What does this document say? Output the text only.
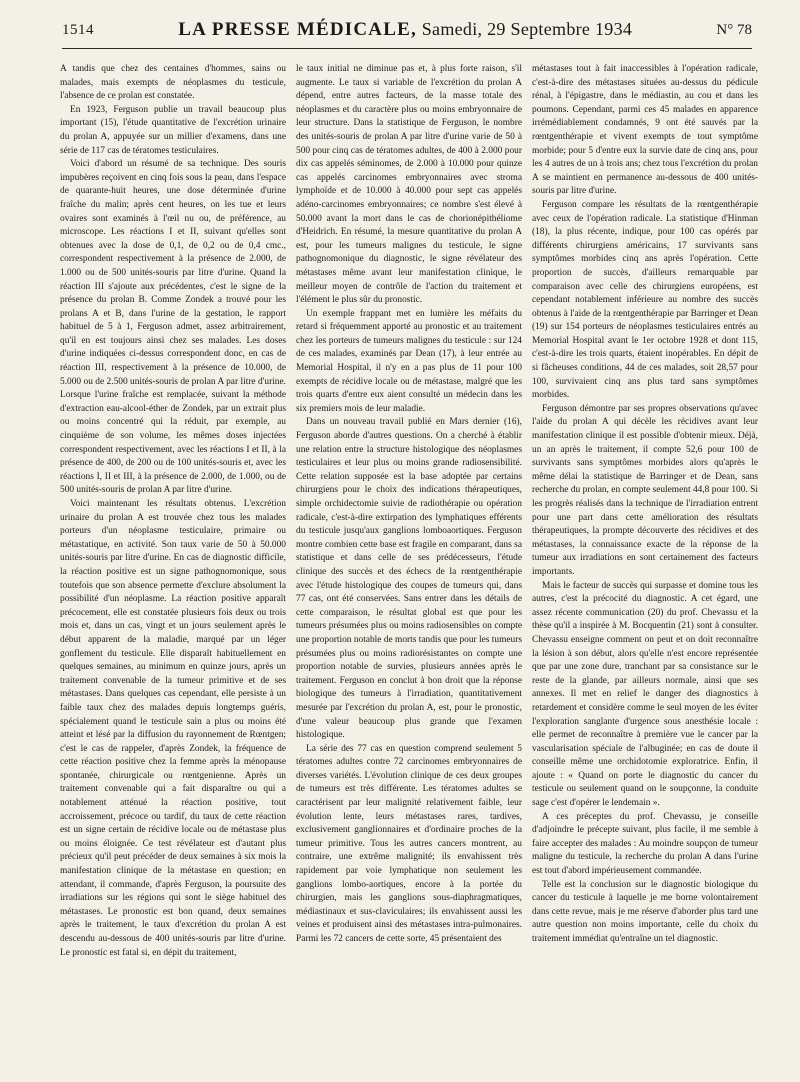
1514	LA PRESSE MÉDICALE, Samedi, 29 Septembre 1934	N° 78

A tandis que chez des centaines d'hommes, sains ou malades, mais exempts de néoplasmes du testicule, l'absence de ce prolan est constatée.

En 1923, Ferguson publie un travail beaucoup plus important (15), l'étude quantitative de l'excrétion urinaire du prolan A, appuyée sur un millier d'examens, dans une série de 117 cas de tératomes testiculaires.

Voici d'abord un résumé de sa technique. Des souris impubères reçoivent en cinq fois sous la peau, dans l'espace de quarante-huit heures, une dose déterminée d'urine fraîche du malin; après cent heures, on les tue et leurs ovaires sont examinés à l'œil nu ou, de préférence, au microscope. Les réactions I et II, suivant qu'elles sont obtenues avec la dose de 0,1, de 0,2 ou de 0,4 cmc., correspondent respectivement à la présence de 2.000, de 1.000 ou de 500 unités-souris par litre d'urine. Quand la réaction III s'ajoute aux précédentes, c'est le signe de la présence du prolan B. Comme Zondek a trouvé pour les prolans A et B, dans l'urine de la gestation, le rapport habituel de 5 à 1, Ferguson admet, assez arbitrairement, qu'il en est toujours ainsi chez ses malades. Les doses d'urine indiquées ci-dessus correspondent donc, en cas de réaction III, respectivement à la présence de 10.000, de 5.000 ou de 2.500 unités-souris de prolan A par litre d'urine. Lorsque l'urine fraîche est remplacée, suivant la méthode d'extraction eau-alcool-éther de Zondek, par un extrait plus ou moins concentré qui la réduit, par exemple, au cinquième de son volume, les mêmes doses injectées correspondent respectivement, avec les réactions I et II, à la présence de 400, de 200 ou de 100 unités-souris et, avec les réactions I, II et III, à la présence de 2.000, de 1.000, ou de 500 unités-souris de prolan A par litre d'urine.

Voici maintenant les résultats obtenus. L'excrétion urinaire du prolan A est trouvée chez tous les malades porteurs d'un néoplasme testiculaire, primaire ou métastatique, en activité. Son taux varie de 50 à 50.000 unités-souris par litre d'urine. En cas de diagnostic difficile, la réaction positive est un signe pathognomonique, sous toutefois que son absence permette d'exclure absolument la possibilité d'un néoplasme. La réaction positive apparaît précocement, elle est constatée plusieurs fois deux ou trois mois et, dans un cas, vingt et un jours seulement après le début apparent de la maladie, marqué par un léger gonflement du testicule. Elle disparaît habituellement en quelques semaines, au minimum en quinze jours, après un traitement convenable de la tumeur primitive et de ses métastases. Dans quelques cas cependant, elle persiste à un faible taux chez des malades depuis longtemps guéris, spécialement quand le testicule sain a plus ou moins été atteint et lésé par la diffusion du rayonnement de Rœntgen; c'est le cas de rappeler, d'après Zondek, la fréquence de cette réaction positive chez la femme après la ménopause spontanée, chirurgicale ou rœntgenienne. Après un traitement convenable qui a fait disparaître ou qui a notablement atténué la réaction positive, tout accroissement, précoce ou tardif, du taux de cette réaction est un signe certain de récidive locale ou de métastase plus ou moins éloignée. Ce test révélateur est d'autant plus précieux qu'il peut précéder de deux semaines à six mois la manifestation clinique de la métastase en question; en attendant, il commande, d'après Ferguson, la poursuite des irradiations sur les régions qui sont le siège habituel des métastases. Le pronostic est bon quand, deux semaines après le traitement, le taux d'excrétion du prolan A est descendu au-dessous de 400 unités-souris par litre d'urine. Le pronostic est fatal si, en dépit du traitement,

le taux initial ne diminue pas et, à plus forte raison, s'il augmente. Le taux si variable de l'excrétion du prolan A dépend, entre autres facteurs, de la masse totale des néoplasmes et du caractère plus ou moins embryonnaire de leur structure. Dans la statistique de Ferguson, le nombre des unités-souris de prolan A par litre d'urine varie de 50 à 500 pour cinq cas de tératomes adultes, de 400 à 2.000 pour dix cas appelés séminomes, de 2.000 à 10.000 pour quinze cas appelés carcinomes embryonnaires avec stroma lymphoïde et de 10.000 à 40.000 pour sept cas appelés adéno-carcinomes embryonnaires; ce nombre s'est élevé à 50.000 avant la mort dans le cas de chorionépithéliome d'Heidrich. En résumé, la mesure quantitative du prolan A est, pour les tumeurs malignes du testicule, le signe pathognomonique du diagnostic, le signe révélateur des métastases même avant leur manifestation clinique, le meilleur moyen de contrôle de l'action du traitement et l'élément le plus sûr du pronostic.

Un exemple frappant met en lumière les méfaits du retard si fréquemment apporté au pronostic et au traitement chez les porteurs de tumeurs malignes du testicule : sur 124 de ces malades, examinés par Dean (17), à leur entrée au Memorial Hospital, il n'y en a pas plus de 11 pour 100 exempts de récidive locale ou de métastase, malgré que les trois quarts d'entre eux aient consulté un médecin dans les six premiers mois de leur maladie.

Dans un nouveau travail publié en Mars dernier (16), Ferguson aborde d'autres questions. On a cherché à établir une relation entre la structure histologique des néoplasmes testiculaires et leur plus ou moins grande radiosensibilité. Cette relation supposée est la base adoptée par certains chirurgiens pour le choix des indications thérapeutiques, simple orchidectomie suivie de radiothérapie ou opération radicale, c'est-à-dire extirpation des lymphatiques efférents du testicule jusqu'aux ganglions lomboaortiques. Ferguson montre combien cette base est fragile en comparant, dans sa statistique et dans celle de ses prédécesseurs, l'étude clinique des succès et des échecs de la rœntgenthérapie avec l'étude histologique des coupes de tumeurs qui, dans 77 cas, ont été conservées. Sans entrer dans les détails de cette comparaison, le résultat global est que pour les tumeurs présumées plus ou moins radiosensibles on compte une proportion notable de morts tandis que pour les tumeurs présumées plus ou moins radiorésistantes on compte une proportion notable de survies, plusieurs années après le traitement. Ferguson en conclut à bon droit que la réponse biologique des tumeurs à l'irradiation, quantitativement mesurée par l'excrétion du prolan A, est, pour le pronostic, d'une valeur beaucoup plus grande que l'examen histologique.

La série des 77 cas en question comprend seulement 5 tératomes adultes contre 72 carcinomes embryonnaires de diverses variétés. L'évolution clinique de ces deux groupes de tumeurs est très différente. Les tératomes adultes se caractérisent par leur malignité relativement faible, leur évolution lente, leurs métastases rares, tardives, exclusivement ganglionnaires et d'ordinaire proches de la tumeur primitive. Tous les autres cancers montrent, au contraire, une extrême malignité; ils envahissent très rapidement par voie lymphatique non seulement les ganglions lombo-aortiques, encore à la portée du chirurgien, mais les ganglions sous-diaphragmatiques, médiastinaux et sus-claviculaires; ils envahissent aussi les veines et produisent ainsi des métastases intra-pulmonaires. Parmi les 72 cancers de cette sorte, 45 présentaient des

métastases tout à fait inaccessibles à l'opération radicale, c'est-à-dire des métastases situées au-dessus du pédicule rénal, à l'épigastre, dans le médiastin, au cou et dans les poumons. Cependant, parmi ces 45 malades en apparence irrémédiablement condamnés, 9 ont été sauvés par la rœntgenthérapie et vivent exempts de tout symptôme morbide; pour 5 d'entre eux la survie date de cinq ans, pour les 4 autres de un à trois ans; chez tous l'excrétion du prolan A se maintient en permanence au-dessous de 400 unités-souris par litre d'urine.

Ferguson compare les résultats de la rœntgenthérapie avec ceux de l'opération radicale. La statistique d'Hinman (18), la plus récente, indique, pour 100 cas opérés par différents chirurgiens américains, 17 survivants sans symptômes morbides cinq ans après l'opération. Cette proportion de succès, d'ailleurs remarquable par comparaison avec celle des chirurgiens européens, est cependant notablement inférieure au nombre des succès obtenus à l'aide de la rœntgenthérapie par Barringer et Dean (19) sur 154 porteurs de néoplasmes testiculaires entrés au Memorial Hospital avant le 1er octobre 1928 et dont 115, c'est-à-dire les trois quarts, étaient inopérables. En dépit de si fâcheuses conditions, 44 de ces malades, soit 28,57 pour 100, survivaient cinq ans plus tard sans symptômes morbides.

Ferguson démontre par ses propres observations qu'avec l'aide du prolan A qui décèle les récidives avant leur manifestation clinique il est possible d'obtenir mieux. Déjà, un an après le traitement, il compte 52,6 pour 100 de survivants sans symptômes morbides alors qu'après le même délai la statistique de Barringer et de Dean, sans recherche du prolan, en compte seulement 44,8 pour 100. Si les progrès réalisés dans la technique de l'irradiation entrent pour une part dans cette amélioration des résultats thérapeutiques, la prompte découverte des récidives et des métastases, la connaissance exacte de la réponse de la tumeur aux irradiations en sont certainement des facteurs importants.

Mais le facteur de succès qui surpasse et domine tous les autres, c'est la précocité du diagnostic. A cet égard, une assez récente communication (20) du prof. Chevassu et la thèse qu'il a inspirée à M. Bocquentin (21) sont à consulter. Chevassu enseigne comment on peut et on doit reconnaître la lésion à son début, alors qu'elle n'est encore représentée que par une zone dure, tranchant par sa consistance sur le reste de la glande, par ailleurs normale, ainsi que ses annexes. Il met en relief le danger des diagnostics à retardement et considère comme le seul moyen de les éviter l'exploration sanglante d'urgence sous anesthésie locale : elle permet de reconnaître à première vue le cancer par la vascularisation spéciale de l'albuginée; en cas de doute il conseille même une orchidotomie exploratrice. Enfin, il ajoute : « Quand on porte le diagnostic du cancer du testicule ou seulement quand on le soupçonne, la conduite sage c'est d'opérer le lendemain ».

A ces préceptes du prof. Chevassu, je conseille d'adjoindre le précepte suivant, plus facile, il me semble à faire accepter des malades : Au moindre soupçon de tumeur maligne du testicule, la recherche du prolan A dans l'urine est tout d'abord impérieusement commandée.

Telle est la conclusion sur le diagnostic biologique du cancer du testicule à laquelle je me borne volontairement dans cette revue, mais je me réserve d'aborder plus tard une autre question non moins importante, celle du choix du traitement immédiat qu'entraîne un tel diagnostic.
